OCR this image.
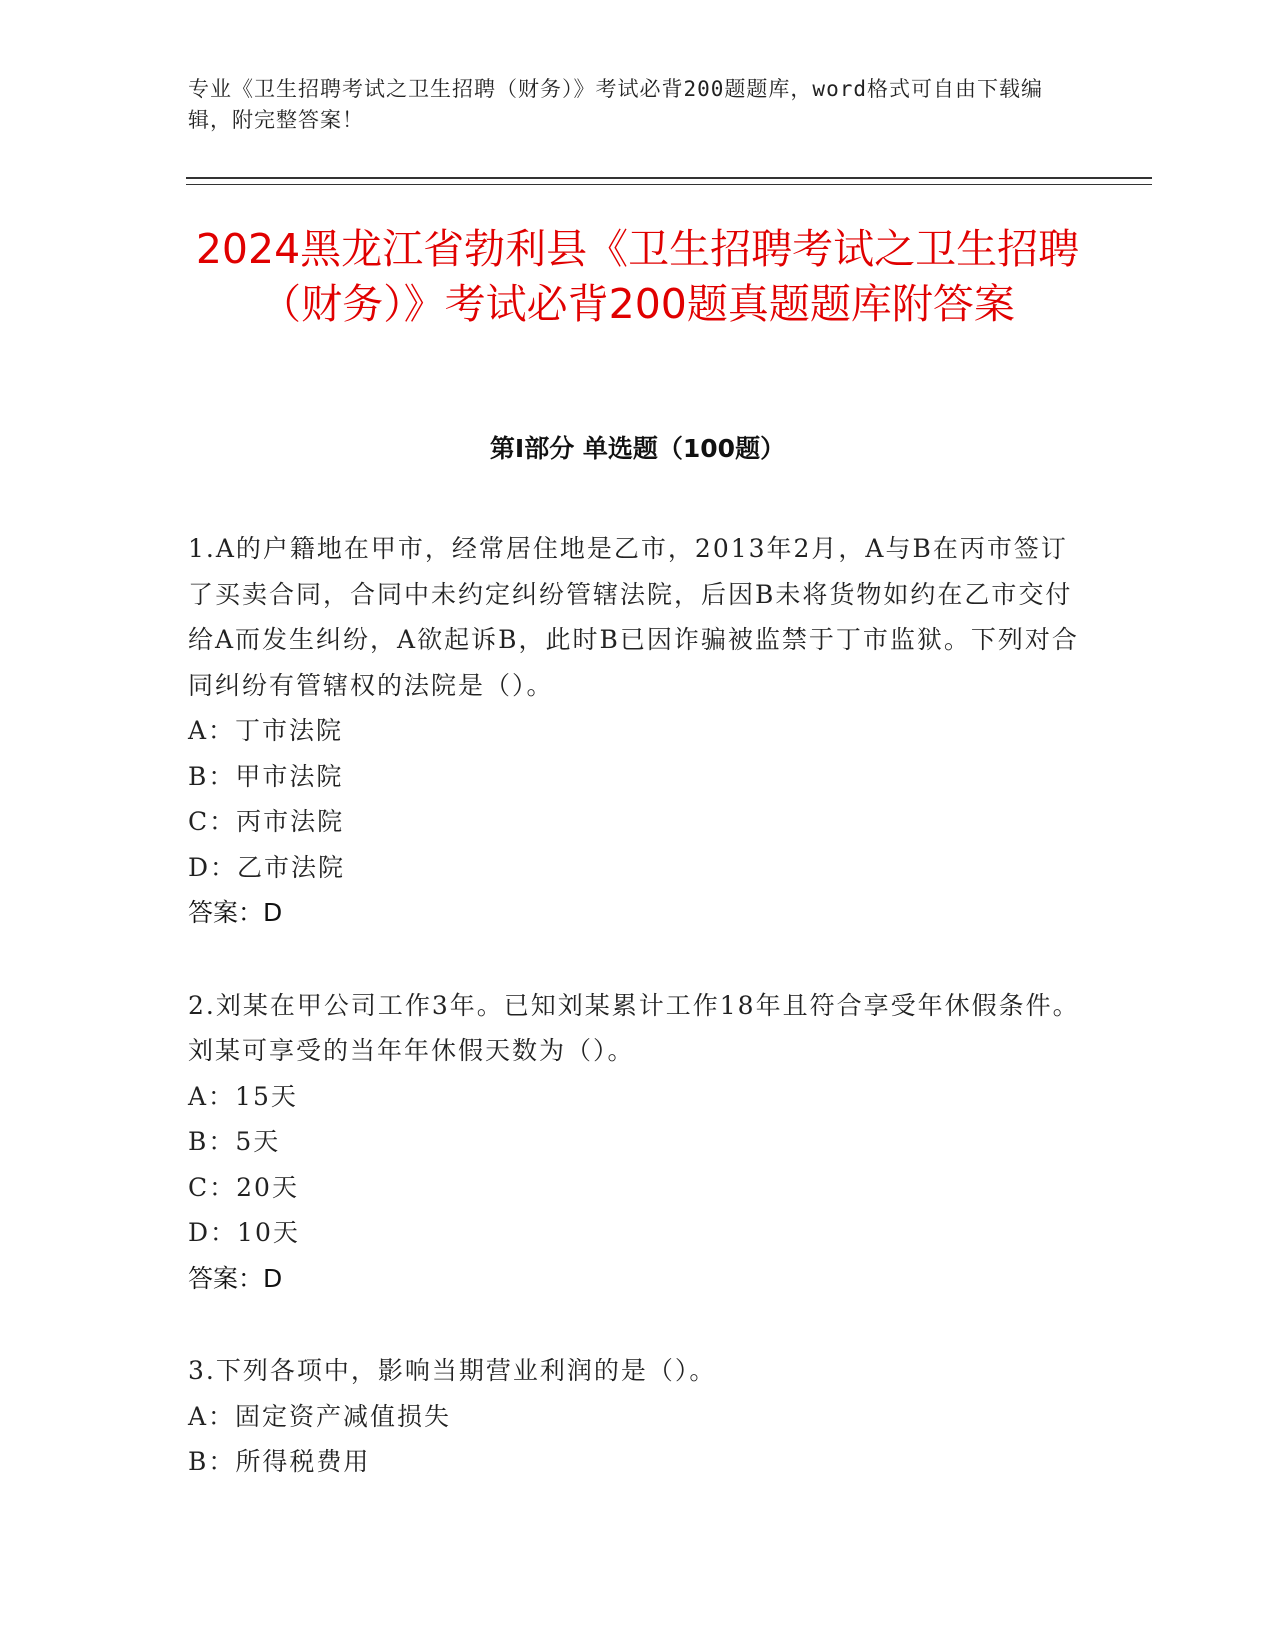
专业《卫生招聘考试之卫生招聘（财务）》考试必背200题题库，word格式可自由下载编辑，附完整答案！
2024黑龙江省勃利县《卫生招聘考试之卫生招聘（财务）》考试必背200题真题题库附答案
第I部分 单选题（100题）

1.A的户籍地在甲市，经常居住地是乙市，2013年2月，A与B在丙市签订了买卖合同，合同中未约定纠纷管辖法院，后因B未将货物如约在乙市交付给A而发生纠纷，A欲起诉B，此时B已因诈骗被监禁于丁市监狱。下列对合同纠纷有管辖权的法院是（）。

A：丁市法院

B：甲市法院

C：丙市法院

D：乙市法院

答案：D

2.刘某在甲公司工作3年。已知刘某累计工作18年且符合享受年休假条件。刘某可享受的当年年休假天数为（）。

A：15天

B：5天

C：20天

D：10天

答案：D

3.下列各项中，影响当期营业利润的是（）。

A：固定资产减值损失

B：所得税费用
